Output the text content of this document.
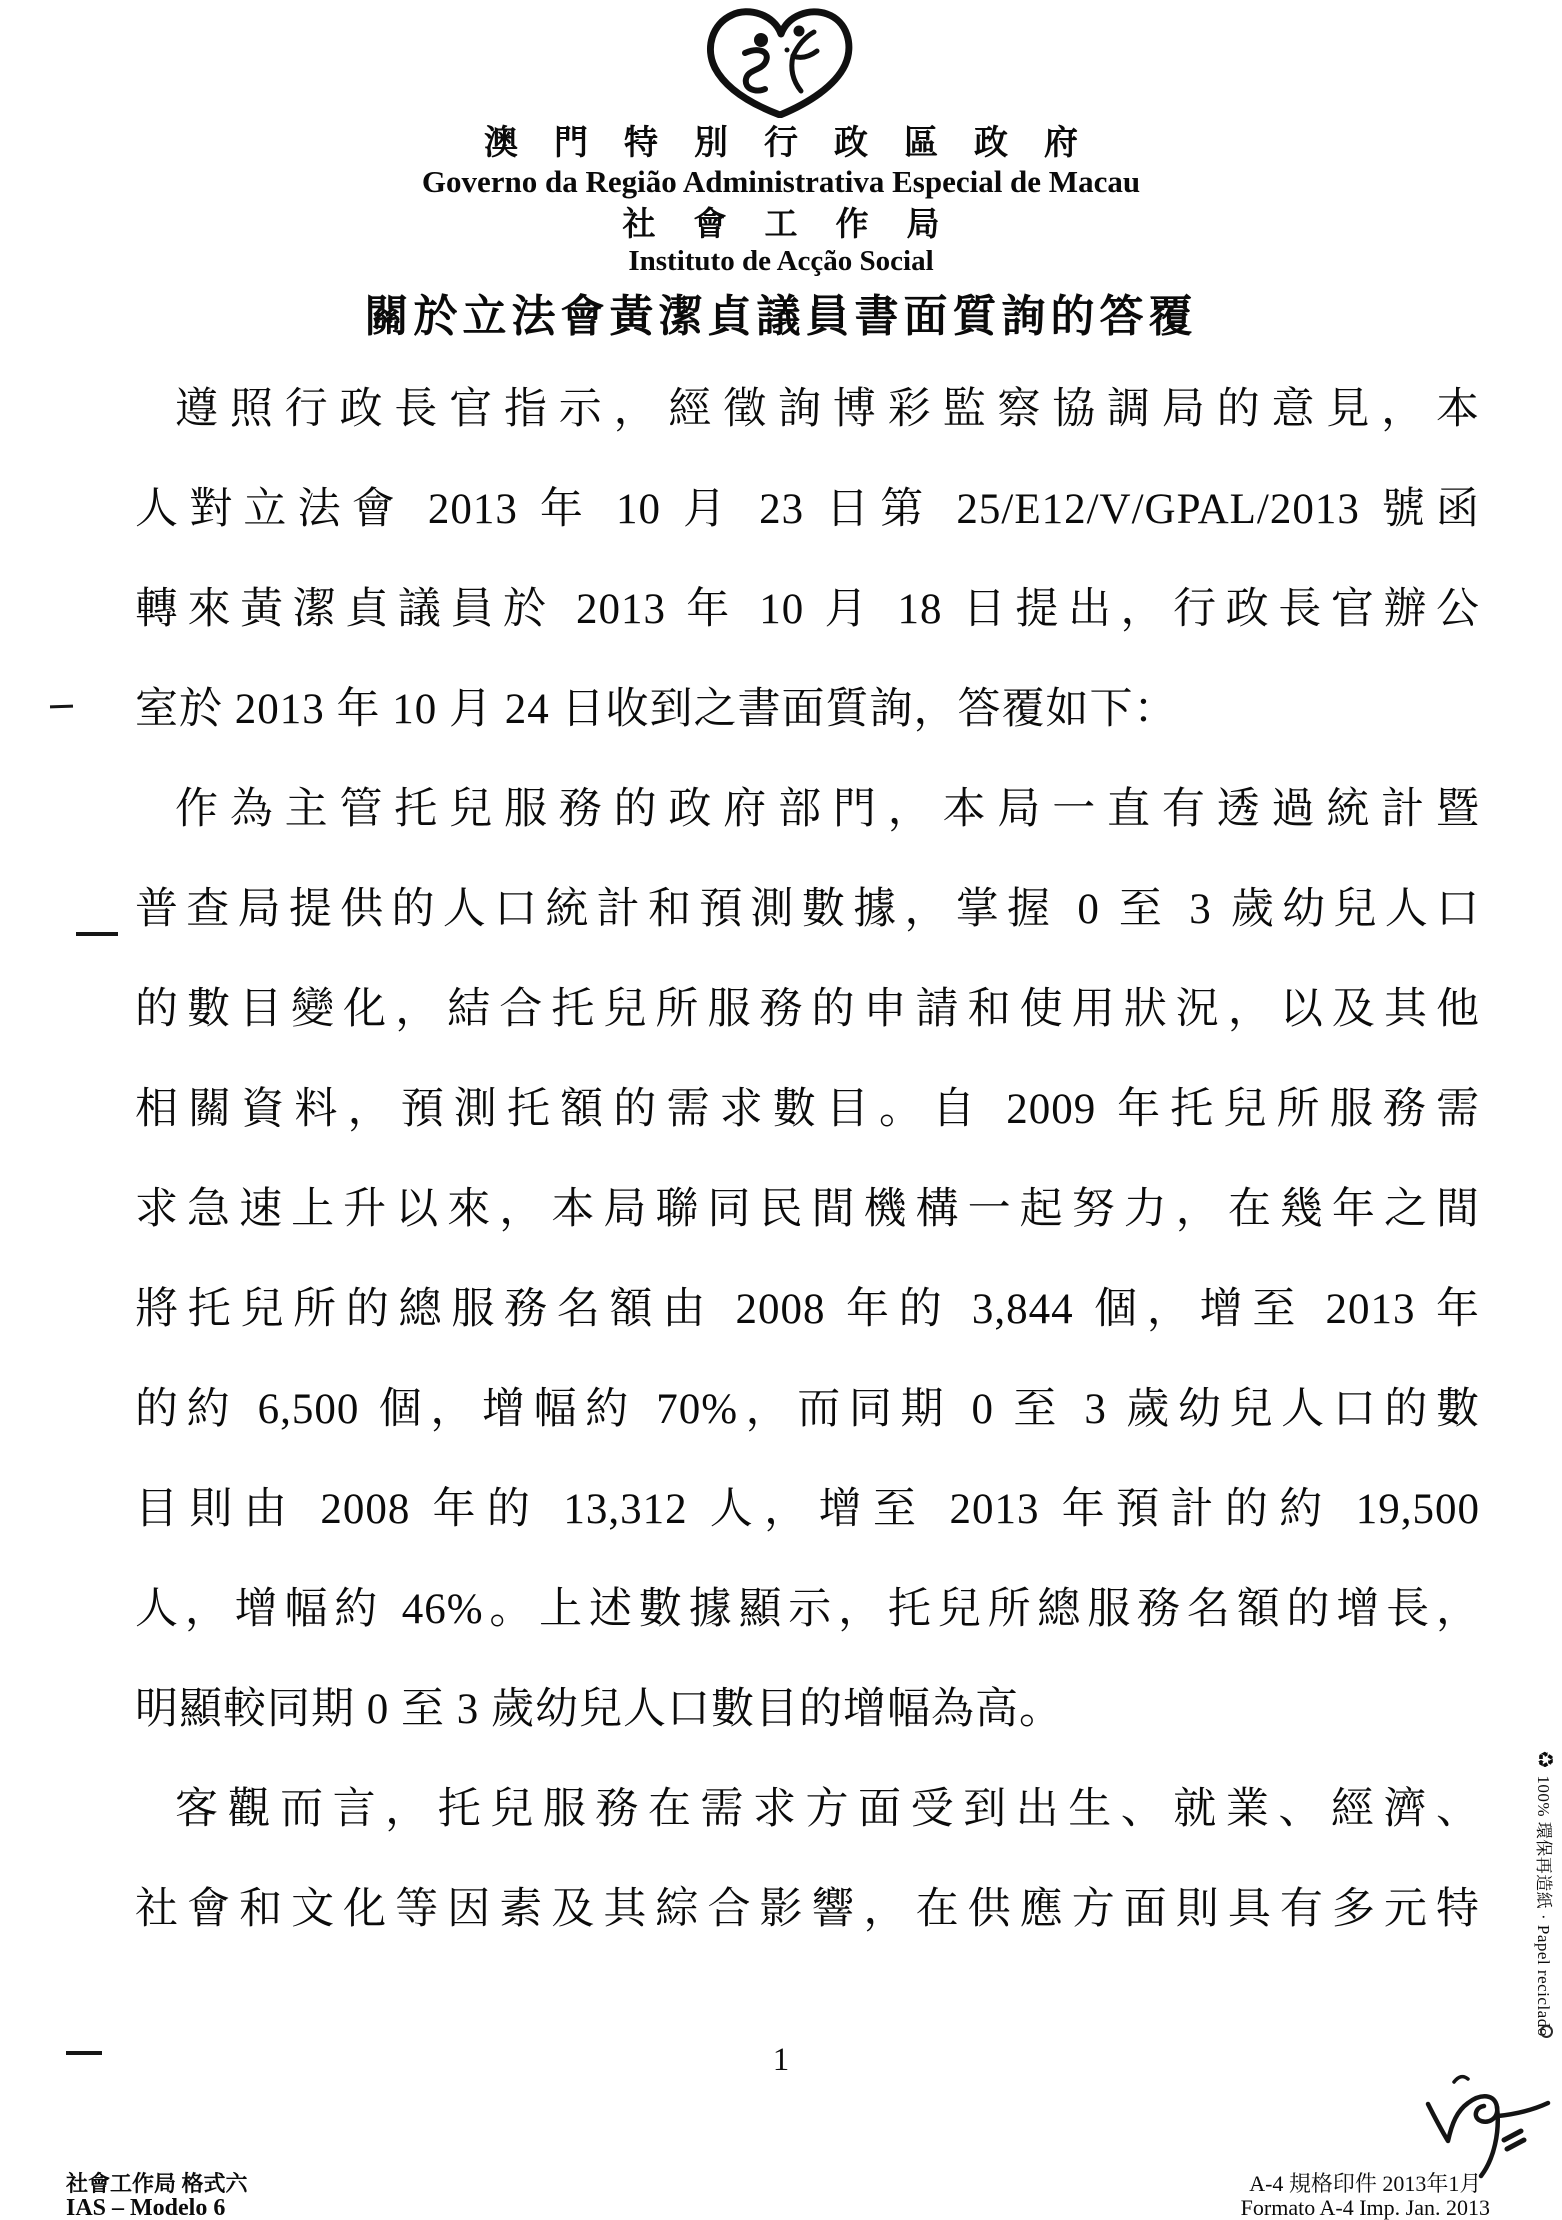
澳門特別行政區政府
Governo da Região Administrativa Especial de Macau
社會工作局
Instituto de Acção Social
關於立法會黃潔貞議員書面質詢的答覆
遵照行政長官指示，經徵詢博彩監察協調局的意見，本
人對立法會 2013 年 10 月 23 日第 25/E12/V/GPAL/2013 號函
轉來黃潔貞議員於 2013 年 10 月 18 日提出，行政長官辦公
室於 2013 年 10 月 24 日收到之書面質詢，答覆如下：
作為主管托兒服務的政府部門，本局一直有透過統計暨
普查局提供的人口統計和預測數據，掌握 0 至 3 歲幼兒人口
的數目變化，結合托兒所服務的申請和使用狀況，以及其他
相關資料，預測托額的需求數目。自 2009 年托兒所服務需
求急速上升以來，本局聯同民間機構一起努力，在幾年之間
將托兒所的總服務名額由 2008 年的 3,844 個，增至 2013 年
的約 6,500 個，增幅約 70%，而同期 0 至 3 歲幼兒人口的數
目則由 2008 年的 13,312 人，增至 2013 年預計的約 19,500
人，增幅約 46%。上述數據顯示，托兒所總服務名額的增長，
明顯較同期 0 至 3 歲幼兒人口數目的增幅為高。
客觀而言，托兒服務在需求方面受到出生、就業、經濟、
社會和文化等因素及其綜合影響，在供應方面則具有多元特
1
社會工作局 格式六
IAS – Modelo 6
A-4 規格印件 2013年1月
Formato A-4 Imp. Jan. 2013
♻100% 環保再造紙 · Papel reciclado
